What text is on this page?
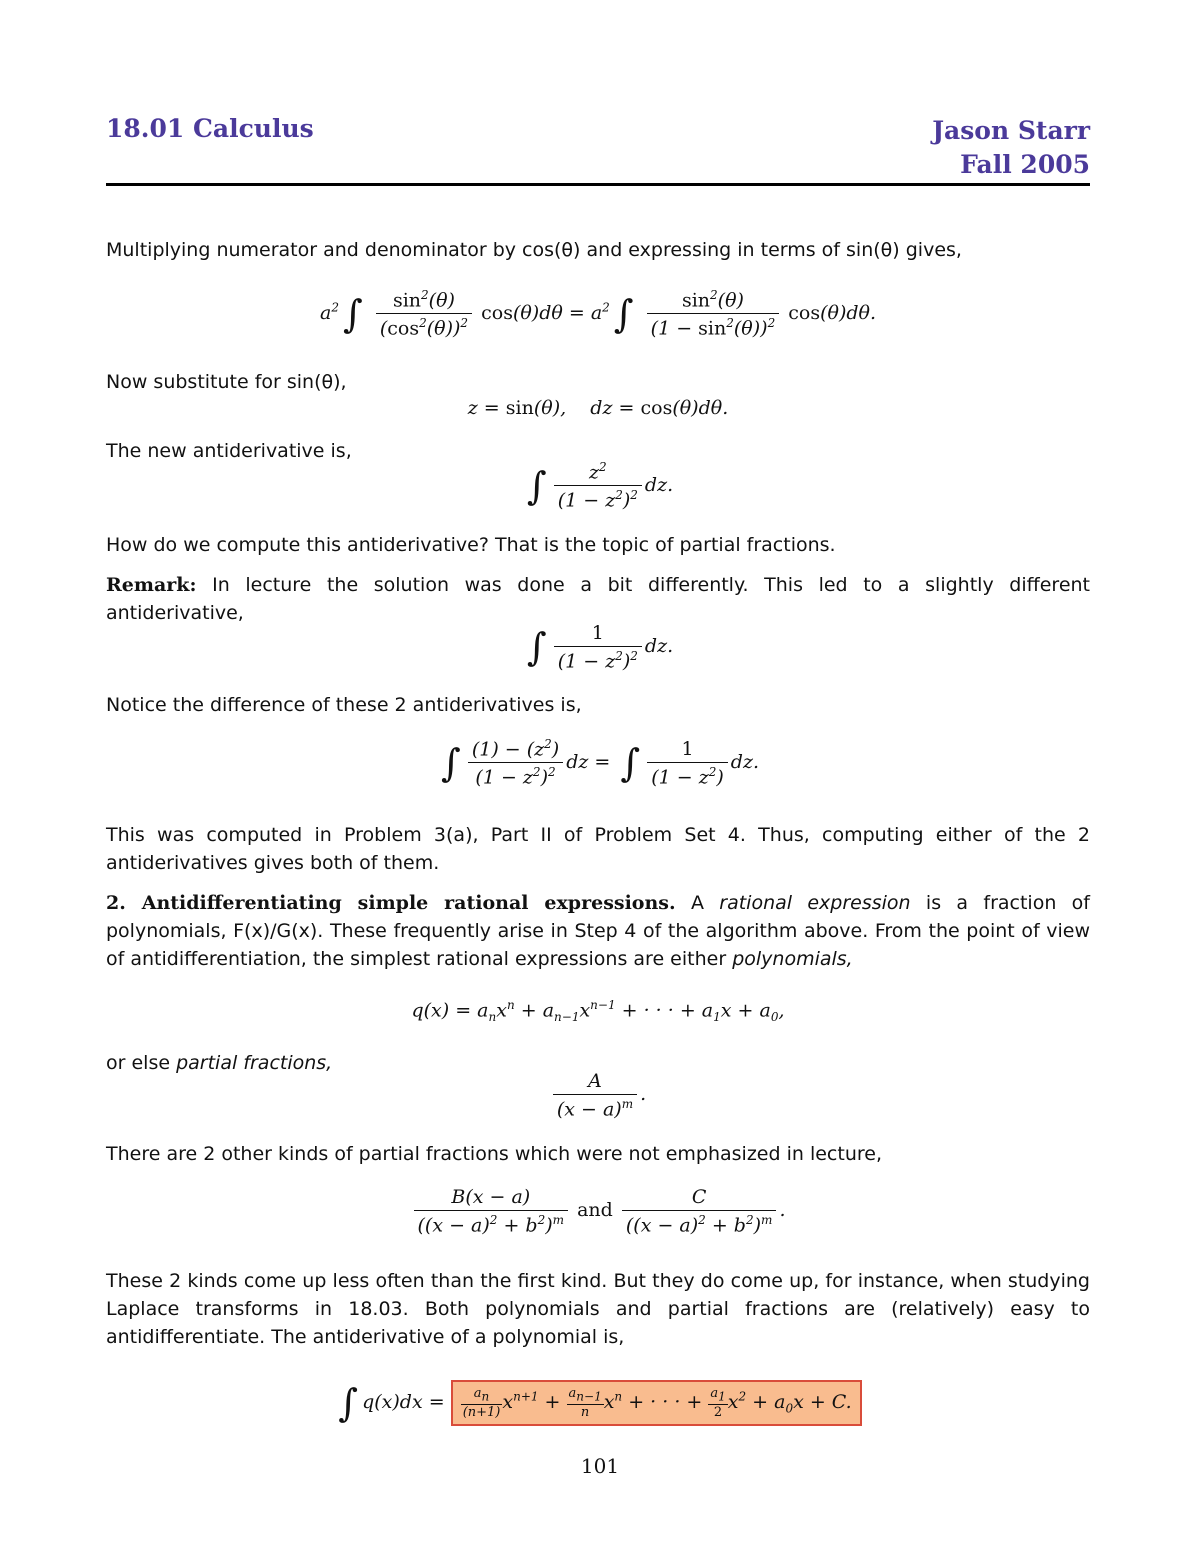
18.01 Calculus	Jason Starr
Fall 2005
Multiplying numerator and denominator by cos(θ) and expressing in terms of sin(θ) gives,
$a^2$ ∫ $\frac{\sin^2(\theta)}{(\cos^2(\theta))^2} \cos(\theta)d\theta = a^2$ ∫ $\frac{\sin^2(\theta)}{(1 - \sin^2(\theta))^2} \cos(\theta)d\theta$.
Now substitute for sin(θ),
z = sin(θ),    dz = cos(θ)dθ.
The new antiderivative is,
∫ $\frac{z^2}{(1 - z^2)^2}$ dz.
How do we compute this antiderivative? That is the topic of partial fractions.
Remark: In lecture the solution was done a bit differently. This led to a slightly different antiderivative,
∫ $\frac{1}{(1 - z^2)^2}$ dz.
Notice the difference of these 2 antiderivatives is,
∫ $\frac{(1) - (z^2)}{(1 - z^2)^2}$ dz = ∫ $\frac{1}{(1 - z^2)}$ dz.
This was computed in Problem 3(a), Part II of Problem Set 4. Thus, computing either of the 2 antiderivatives gives both of them.
2. Antidifferentiating simple rational expressions. A rational expression is a fraction of polynomials, F(x)/G(x). These frequently arise in Step 4 of the algorithm above. From the point of view of antidifferentiation, the simplest rational expressions are either polynomials,
$q(x) = a_nx^n + a_{n-1}x^{n-1}$ + · · · + $a_1x + a_0$,
or else partial fractions,
$\frac{A}{(x - a)^m}$ .
There are 2 other kinds of partial fractions which were not emphasized in lecture,
$\frac{B(x - a)}{((x - a)^2 + b^2)^m}$ and $\frac{C}{((x - a)^2 + b^2)^m}$ .
These 2 kinds come up less often than the first kind. But they do come up, for instance, when studying Laplace transforms in 18.03. Both polynomials and partial fractions are (relatively) easy to antidifferentiate. The antiderivative of a polynomial is,
∫ $q(x)dx = \frac{a_n}{(n+1)} x^{n+1} + \frac{a_{n-1}}{n} x^n$ + · · · + $\frac{a_1}{2} x^2 + a_0x + C$.
101
